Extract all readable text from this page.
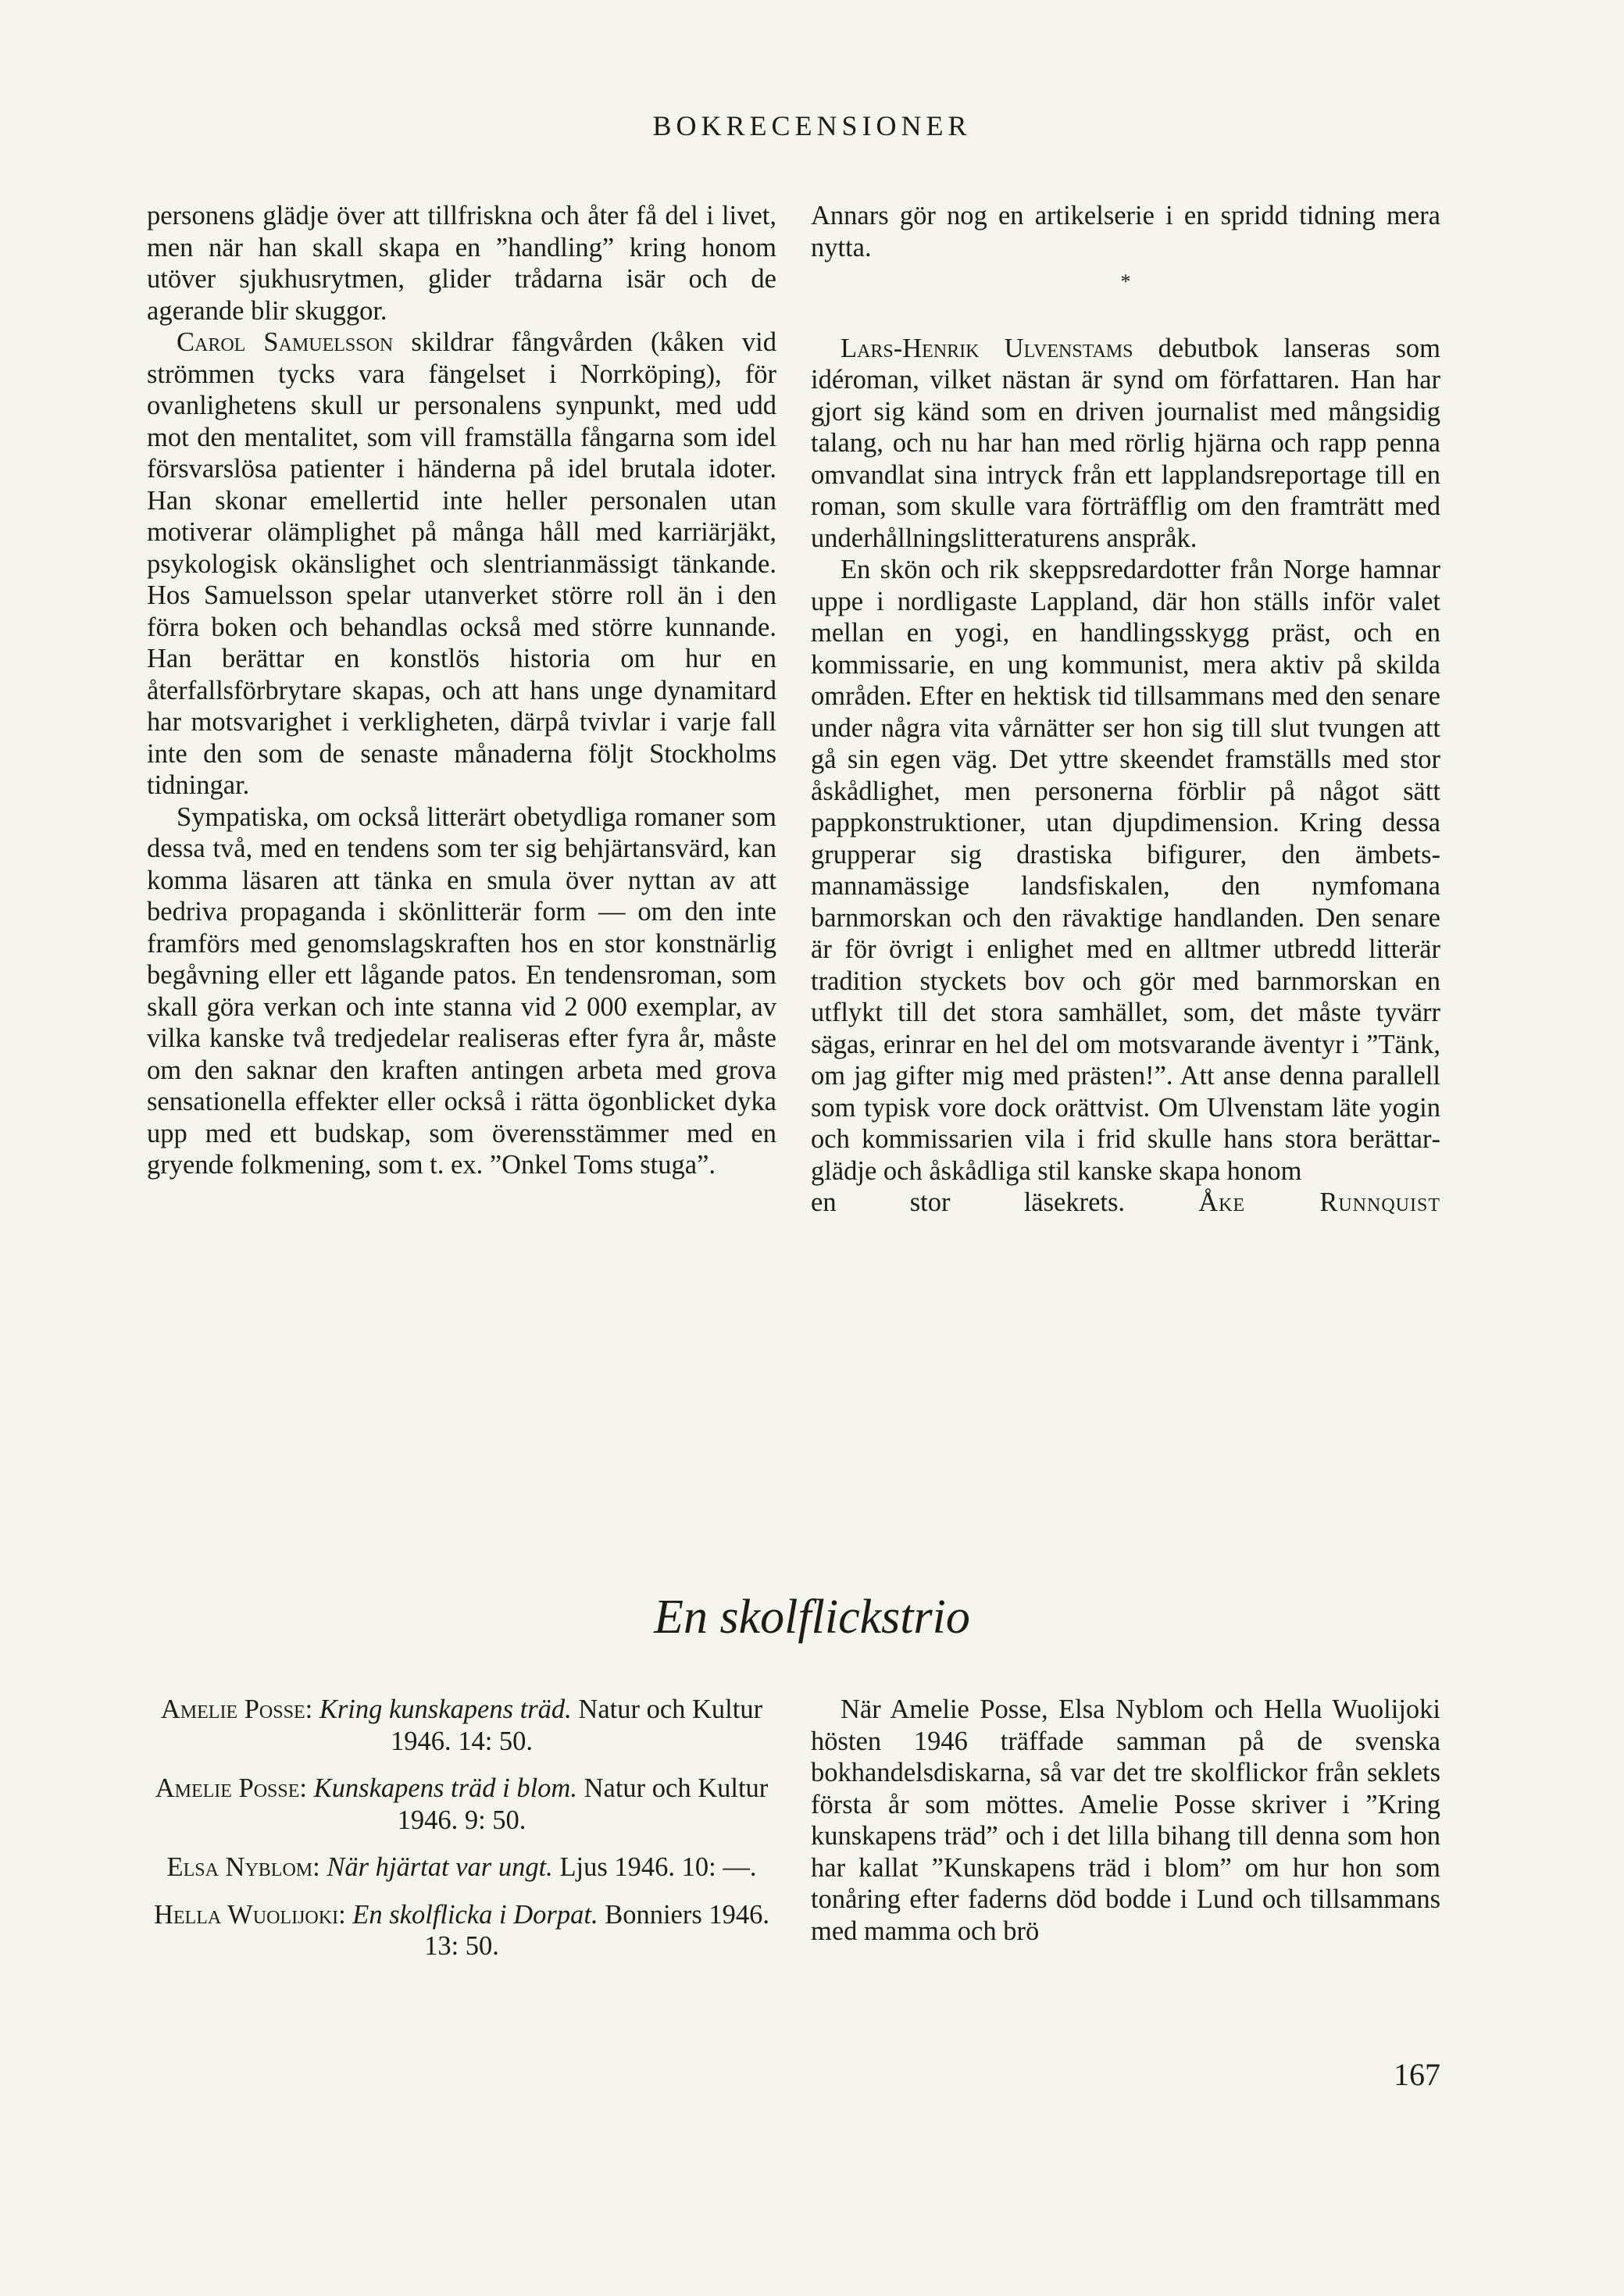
BOKRECENSIONER

personens glädje över att tillfriskna och åter få del i livet, men när han skall skapa en ”handling” kring honom utöver sjukhusrytmen, glider trådarna isär och de agerande blir skuggor.

Carol Samuelsson skildrar fångvården (kåken vid strömmen tycks vara fängelset i Norrköping), för ovanlighetens skull ur personalens synpunkt, med udd mot den mentalitet, som vill framställa fångarna som idel försvarslösa patienter i händerna på idel brutala idoter. Han skonar emellertid inte heller personalen utan motiverar olämplighet på många håll med karriärjäkt, psykologisk okänslighet och slentrianmässigt tänkande. Hos Samuelsson spelar utanverket större roll än i den förra boken och behandlas också med större kunnande. Han berättar en konstlös historia om hur en återfallsförbrytare skapas, och att hans unge dynamitard har motsvarighet i verkligheten, därpå tvivlar i varje fall inte den som de senaste månaderna följt Stockholms tidningar.

Sympatiska, om också litterärt obetydliga romaner som dessa två, med en tendens som ter sig behjärtansvärd, kan komma läsaren att tänka en smula över nyttan av att bedriva propaganda i skönlitterär form — om den inte framförs med genomslagskraften hos en stor konstnärlig begåvning eller ett lågande patos. En tendensroman, som skall göra verkan och inte stanna vid 2 000 exemplar, av vilka kanske två tredjedelar realiseras efter fyra år, måste om den saknar den kraften antingen arbeta med grova sensationella effekter eller också i rätta ögonblicket dyka upp med ett budskap, som överensstämmer med en gryende folkmening, som t. ex. ”Onkel Toms stuga”.

Annars gör nog en artikelserie i en spridd tidning mera nytta.

*

Lars-Henrik Ulvenstams debutbok lanseras som idéroman, vilket nästan är synd om författaren. Han har gjort sig känd som en driven journalist med mångsidig talang, och nu har han med rörlig hjärna och rapp penna omvandlat sina intryck från ett lapplandsreportage till en roman, som skulle vara förträfflig om den framträtt med underhållningslitteraturens anspråk.

En skön och rik skeppsredardotter från Norge hamnar uppe i nordligaste Lappland, där hon ställs inför valet mellan en yogi, en handlingsskygg präst, och en kommissarie, en ung kommunist, mera aktiv på skilda områden. Efter en hektisk tid tillsammans med den senare under några vita vårnätter ser hon sig till slut tvungen att gå sin egen väg. Det yttre skeendet framställs med stor åskådlighet, men personerna förblir på något sätt pappkonstruktioner, utan djupdimension. Kring dessa grupperar sig drastiska bifigurer, den ämbetsmannamässige landsfiskalen, den nymfomana barnmorskan och den rävaktige handlanden. Den senare är för övrigt i enlighet med en alltmer utbredd litterär tradition styckets bov och gör med barnmorskan en utflykt till det stora samhället, som, det måste tyvärr sägas, erinrar en hel del om motsvarande äventyr i ”Tänk, om jag gifter mig med prästen!”. Att anse denna parallell som typisk vore dock orättvist. Om Ulvenstam läte yogin och kommissarien vila i frid skulle hans stora berättarglädje och åskådliga stil kanske skapa honom

en stor läsekrets.	Åke Runnquist

En skolflickstrio

Amelie Posse: Kring kunskapens träd. Natur och Kultur 1946. 14: 50.

Amelie Posse: Kunskapens träd i blom. Natur och Kultur 1946. 9: 50.

Elsa Nyblom: När hjärtat var ungt. Ljus 1946. 10: —.

Hella Wuolijoki: En skolflicka i Dorpat. Bonniers 1946. 13: 50.

När Amelie Posse, Elsa Nyblom och Hella Wuolijoki hösten 1946 träffade samman på de svenska bokhandelsdiskarna, så var det tre skolflickor från seklets första år som möttes. Amelie Posse skriver i ”Kring kunskapens träd” och i det lilla bihang till denna som hon har kallat ”Kunskapens träd i blom” om hur hon som tonåring efter faderns död bodde i Lund och tillsammans med mamma och brö

167
